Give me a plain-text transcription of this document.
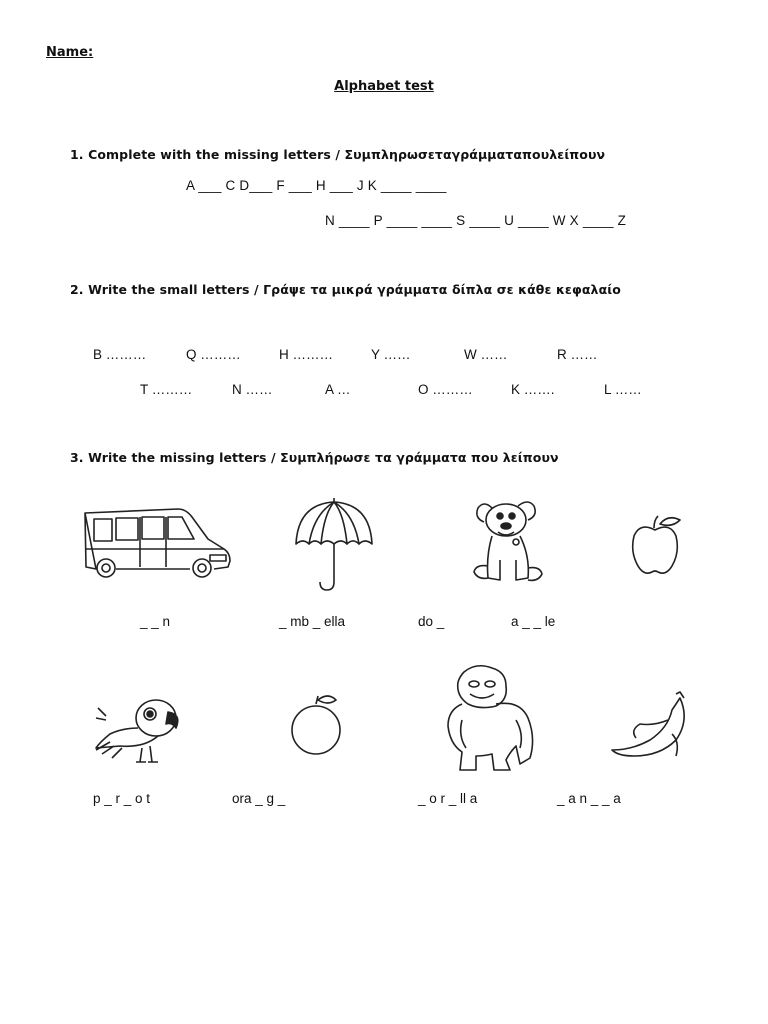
Name:
Alphabet test
1. Complete with the missing letters / Συμπληρωσεταγράμματαπουλείπουν
A ___ C D___ F ___ H ___ J K ____ ____
N ____ P ____ ____ S ____ U ____ W X ____ Z
2. Write the small letters / Γράψε τα μικρά γράμματα δίπλα σε κάθε κεφαλαίο
B ………	Q ………	H ………	Y ……	W ……	R ……
T ………	N ……	A …	O ………	K …….	L ……
3. Write the missing letters / Συμπλήρωσε τα γράμματα που λείπουν
_ _ n	_ mb _ ella	do _	a _ _ le
p _ r _ o t	ora _ g _	_ o r _ ll a	_ a n _ _ a
